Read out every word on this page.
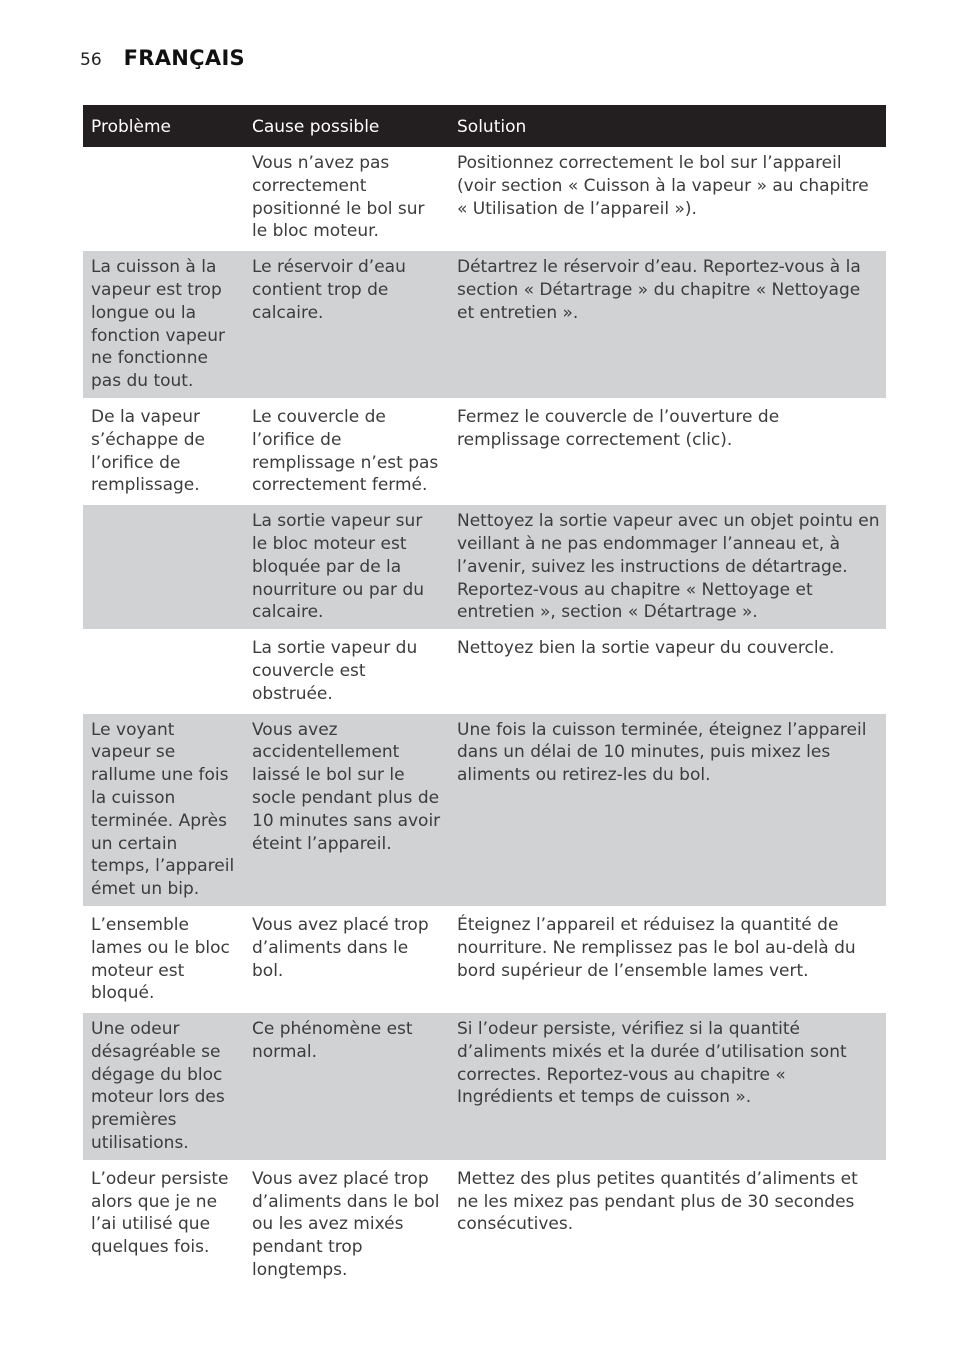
56 FRANÇAIS
Problème	Cause possible	Solution
	Vous n’avez pas correctement positionné le bol sur le bloc moteur.	Positionnez correctement le bol sur l’appareil (voir section « Cuisson à la vapeur » au chapitre « Utilisation de l’appareil »).
La cuisson à la vapeur est trop longue ou la fonction vapeur ne fonctionne pas du tout.	Le réservoir d’eau contient trop de calcaire.	Détartrez le réservoir d’eau. Reportez-vous à la section « Détartrage » du chapitre « Nettoyage et entretien ».
De la vapeur s’échappe de l’orifice de remplissage.	Le couvercle de l’orifice de remplissage n’est pas correctement fermé.	Fermez le couvercle de l’ouverture de remplissage correctement (clic).
	La sortie vapeur sur le bloc moteur est bloquée par de la nourriture ou par du calcaire.	Nettoyez la sortie vapeur avec un objet pointu en veillant à ne pas endommager l’anneau et, à l’avenir, suivez les instructions de détartrage. Reportez-vous au chapitre « Nettoyage et entretien », section « Détartrage ».
	La sortie vapeur du couvercle est obstruée.	Nettoyez bien la sortie vapeur du couvercle.
Le voyant vapeur se rallume une fois la cuisson terminée. Après un certain temps, l’appareil émet un bip.	Vous avez accidentellement laissé le bol sur le socle pendant plus de 10 minutes sans avoir éteint l’appareil.	Une fois la cuisson terminée, éteignez l’appareil dans un délai de 10 minutes, puis mixez les aliments ou retirez-les du bol.
L’ensemble lames ou le bloc moteur est bloqué.	Vous avez placé trop d’aliments dans le bol.	Éteignez l’appareil et réduisez la quantité de nourriture. Ne remplissez pas le bol au-delà du bord supérieur de l’ensemble lames vert.
Une odeur désagréable se dégage du bloc moteur lors des premières utilisations.	Ce phénomène est normal.	Si l’odeur persiste, vérifiez si la quantité d’aliments mixés et la durée d’utilisation sont correctes. Reportez-vous au chapitre « Ingrédients et temps de cuisson ».
L’odeur persiste alors que je ne l’ai utilisé que quelques fois.	Vous avez placé trop d’aliments dans le bol ou les avez mixés pendant trop longtemps.	Mettez des plus petites quantités d’aliments et ne les mixez pas pendant plus de 30 secondes consécutives.
